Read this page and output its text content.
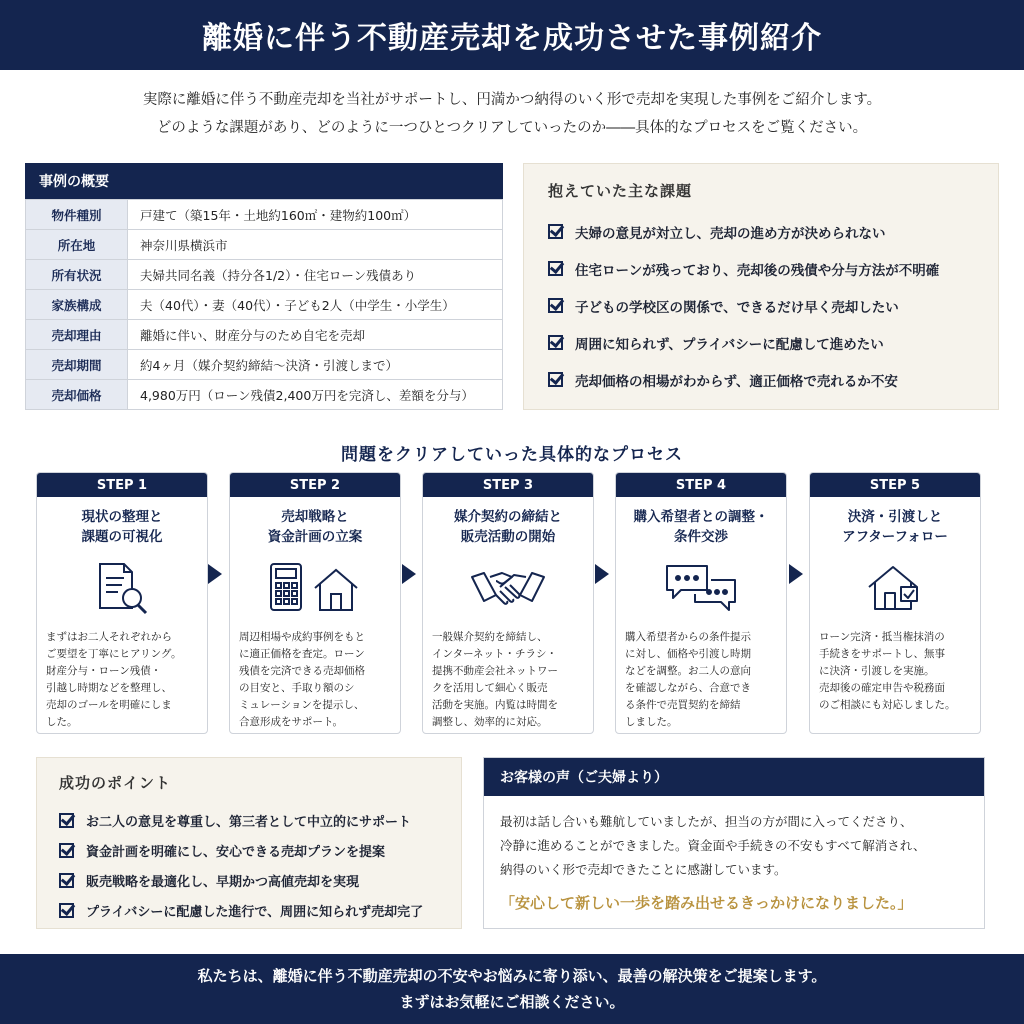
離婚に伴う不動産売却を成功させた事例紹介
実際に離婚に伴う不動産売却を当社がサポートし、円満かつ納得のいく形で売却を実現した事例をご紹介します。
どのような課題があり、どのように一つひとつクリアしていったのか――具体的なプロセスをご覧ください。
事例の概要
物件種別	戸建て（築15年・土地約160㎡・建物約100㎡）
所在地	神奈川県横浜市
所有状況	夫婦共同名義（持分各1/2）・住宅ローン残債あり
家族構成	夫（40代）・妻（40代）・子ども2人（中学生・小学生）
売却理由	離婚に伴い、財産分与のため自宅を売却
売却期間	約4ヶ月（媒介契約締結〜決済・引渡しまで）
売却価格	4,980万円（ローン残債2,400万円を完済し、差額を分与）
抱えていた主な課題
夫婦の意見が対立し、売却の進め方が決められない
住宅ローンが残っており、売却後の残債や分与方法が不明確
子どもの学校区の関係で、できるだけ早く売却したい
周囲に知られず、プライバシーに配慮して進めたい
売却価格の相場がわからず、適正価格で売れるか不安
問題をクリアしていった具体的なプロセス
STEP 1
現状の整理と
課題の可視化
まずはお二人それぞれから
ご要望を丁寧にヒアリング。
財産分与・ローン残債・
引越し時期などを整理し、
売却のゴールを明確にしま
した。
STEP 2
売却戦略と
資金計画の立案
周辺相場や成約事例をもと
に適正価格を査定。ローン
残債を完済できる売却価格
の目安と、手取り額のシ
ミュレーションを提示し、
合意形成をサポート。
STEP 3
媒介契約の締結と
販売活動の開始
一般媒介契約を締結し、
インターネット・チラシ・
提携不動産会社ネットワー
クを活用して細心く販売
活動を実施。内覧は時間を
調整し、効率的に対応。
STEP 4
購入希望者との調整・
条件交渉
購入希望者からの条件提示
に対し、価格や引渡し時期
などを調整。お二人の意向
を確認しながら、合意でき
る条件で売買契約を締結
しました。
STEP 5
決済・引渡しと
アフターフォロー
ローン完済・抵当権抹消の
手続きをサポートし、無事
に決済・引渡しを実施。
売却後の確定申告や税務面
のご相談にも対応しました。
成功のポイント
お二人の意見を尊重し、第三者として中立的にサポート
資金計画を明確にし、安心できる売却プランを提案
販売戦略を最適化し、早期かつ高値売却を実現
プライバシーに配慮した進行で、周囲に知られず売却完了
お客様の声（ご夫婦より）
最初は話し合いも難航していましたが、担当の方が間に入ってくださり、
冷静に進めることができました。資金面や手続きの不安もすべて解消され、
納得のいく形で売却できたことに感謝しています。
「安心して新しい一歩を踏み出せるきっかけになりました。」
私たちは、離婚に伴う不動産売却の不安やお悩みに寄り添い、最善の解決策をご提案します。
まずはお気軽にご相談ください。
